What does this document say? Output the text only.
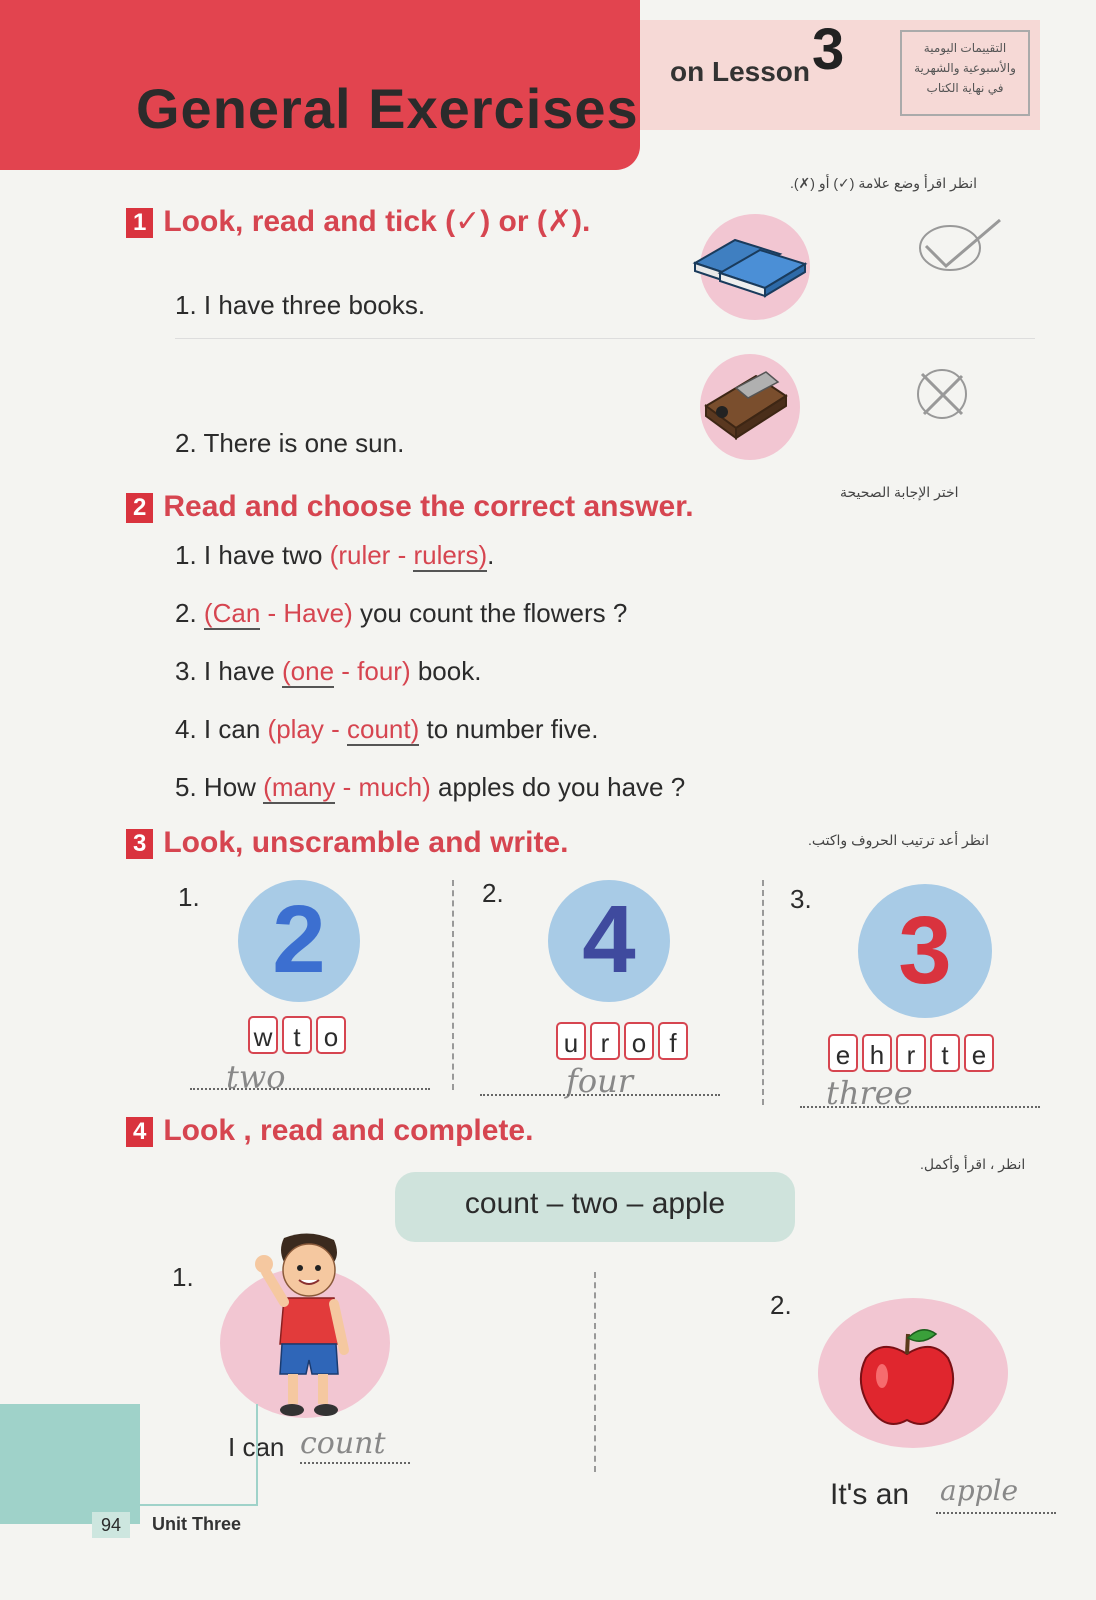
General Exercises
on Lesson 3	التقييمات اليومية
والأسبوعية والشهرية
في نهاية الكتاب
انظر اقرأ وضع علامة (✓) أو (✗).
1 Look, read and tick (✓) or (✗).
1. I have three books.
2. There is one sun.
اختر الإجابة الصحيحة
2 Read and choose the correct answer.
1. I have two (ruler - rulers).
2. (Can - Have) you count the flowers ?
3. I have (one - four) book.
4. I can (play - count) to number five.
5. How (many - much) apples do you have ?
انظر أعد ترتيب الحروف واكتب.
3 Look, unscramble and write.
1. 2
w t o
two
2. 4
u r o f
four
3. 3
e h r t e
three
4 Look , read and complete.
انظر ، اقرأ وأكمل.
count – two – apple
1.
I can count
2.
It's an apple
94	Unit Three
